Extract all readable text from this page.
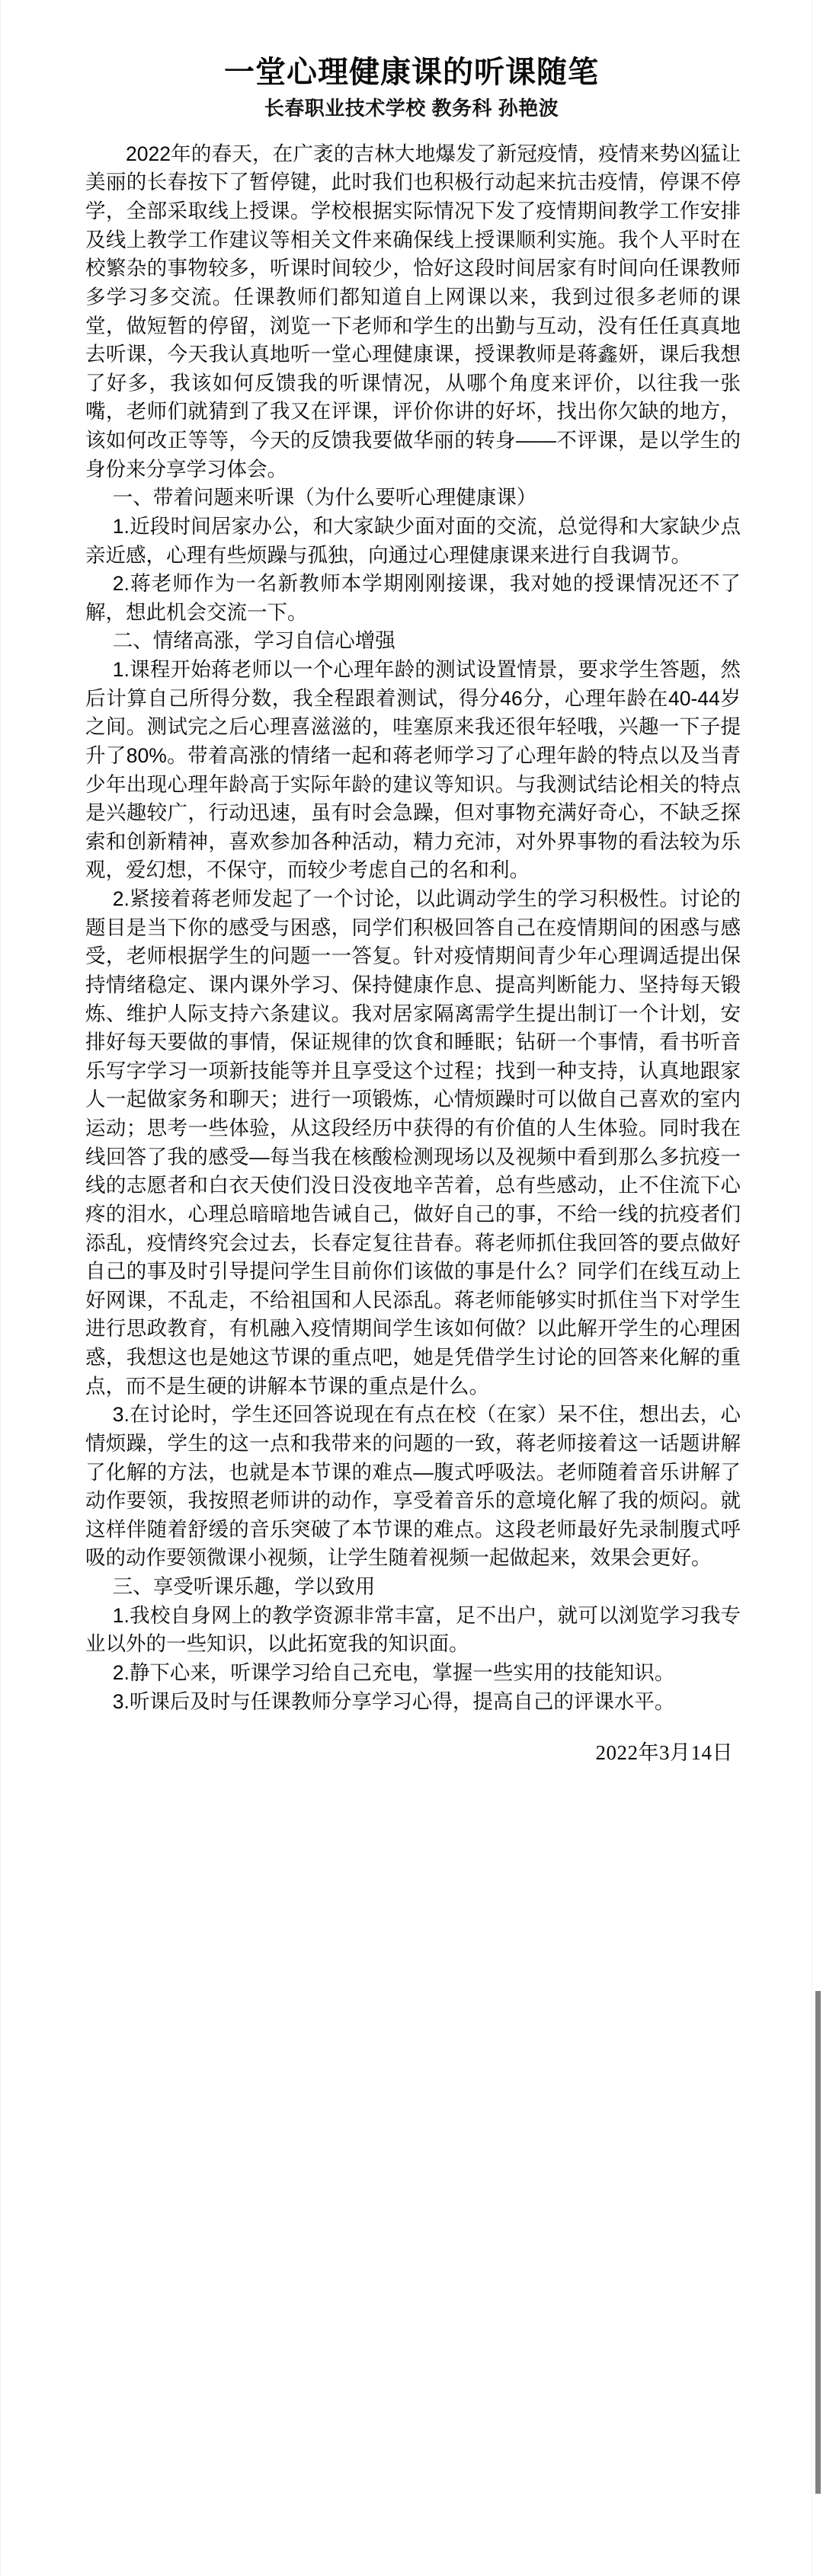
一堂心理健康课的听课随笔
长春职业技术学校 教务科 孙艳波

2022年的春天，在广袤的吉林大地爆发了新冠疫情，疫情来势凶猛让美丽的长春按下了暂停键，此时我们也积极行动起来抗击疫情，停课不停学，全部采取线上授课。学校根据实际情况下发了疫情期间教学工作安排及线上教学工作建议等相关文件来确保线上授课顺利实施。我个人平时在校繁杂的事物较多，听课时间较少，恰好这段时间居家有时间向任课教师多学习多交流。任课教师们都知道自上网课以来，我到过很多老师的课堂，做短暂的停留，浏览一下老师和学生的出勤与互动，没有任任真真地去听课，今天我认真地听一堂心理健康课，授课教师是蒋鑫妍，课后我想了好多，我该如何反馈我的听课情况，从哪个角度来评价，以往我一张嘴，老师们就猜到了我又在评课，评价你讲的好坏，找出你欠缺的地方，该如何改正等等，今天的反馈我要做华丽的转身——不评课，是以学生的身份来分享学习体会。

一、带着问题来听课（为什么要听心理健康课）

1.近段时间居家办公，和大家缺少面对面的交流，总觉得和大家缺少点亲近感，心理有些烦躁与孤独，向通过心理健康课来进行自我调节。

2.蒋老师作为一名新教师本学期刚刚接课，我对她的授课情况还不了解，想此机会交流一下。

二、情绪高涨，学习自信心增强

1.课程开始蒋老师以一个心理年龄的测试设置情景，要求学生答题，然后计算自己所得分数，我全程跟着测试，得分46分，心理年龄在40-44岁之间。测试完之后心理喜滋滋的，哇塞原来我还很年轻哦，兴趣一下子提升了80%。带着高涨的情绪一起和蒋老师学习了心理年龄的特点以及当青少年出现心理年龄高于实际年龄的建议等知识。与我测试结论相关的特点是兴趣较广，行动迅速，虽有时会急躁，但对事物充满好奇心，不缺乏探索和创新精神，喜欢参加各种活动，精力充沛，对外界事物的看法较为乐观，爱幻想，不保守，而较少考虑自己的名和利。

2.紧接着蒋老师发起了一个讨论，以此调动学生的学习积极性。讨论的题目是当下你的感受与困惑，同学们积极回答自己在疫情期间的困惑与感受，老师根据学生的问题一一答复。针对疫情期间青少年心理调适提出保持情绪稳定、课内课外学习、保持健康作息、提高判断能力、坚持每天锻炼、维护人际支持六条建议。我对居家隔离需学生提出制订一个计划，安排好每天要做的事情，保证规律的饮食和睡眠；钻研一个事情，看书听音乐写字学习一项新技能等并且享受这个过程；找到一种支持，认真地跟家人一起做家务和聊天；进行一项锻炼，心情烦躁时可以做自己喜欢的室内运动；思考一些体验，从这段经历中获得的有价值的人生体验。同时我在线回答了我的感受—每当我在核酸检测现场以及视频中看到那么多抗疫一线的志愿者和白衣天使们没日没夜地辛苦着，总有些感动，止不住流下心疼的泪水，心理总暗暗地告诫自己，做好自己的事，不给一线的抗疫者们添乱，疫情终究会过去，长春定复往昔春。蒋老师抓住我回答的要点做好自己的事及时引导提问学生目前你们该做的事是什么？同学们在线互动上好网课，不乱走，不给祖国和人民添乱。蒋老师能够实时抓住当下对学生进行思政教育，有机融入疫情期间学生该如何做？以此解开学生的心理困惑，我想这也是她这节课的重点吧，她是凭借学生讨论的回答来化解的重点，而不是生硬的讲解本节课的重点是什么。

3.在讨论时，学生还回答说现在有点在校（在家）呆不住，想出去，心情烦躁，学生的这一点和我带来的问题的一致，蒋老师接着这一话题讲解了化解的方法，也就是本节课的难点—腹式呼吸法。老师随着音乐讲解了动作要领，我按照老师讲的动作，享受着音乐的意境化解了我的烦闷。就这样伴随着舒缓的音乐突破了本节课的难点。这段老师最好先录制腹式呼吸的动作要领微课小视频，让学生随着视频一起做起来，效果会更好。

三、享受听课乐趣，学以致用

1.我校自身网上的教学资源非常丰富，足不出户，就可以浏览学习我专业以外的一些知识，以此拓宽我的知识面。

2.静下心来，听课学习给自己充电，掌握一些实用的技能知识。

3.听课后及时与任课教师分享学习心得，提高自己的评课水平。

2022年3月14日
